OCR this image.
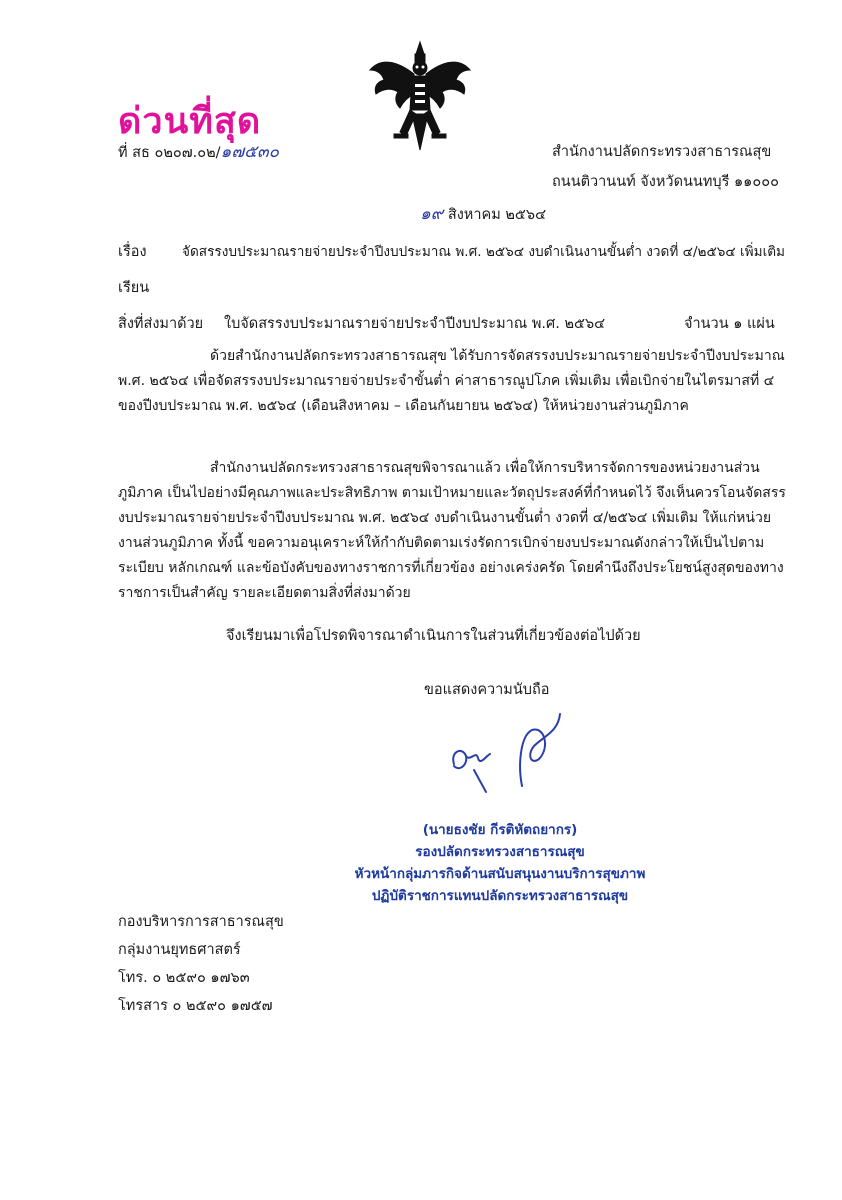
ด่วนที่สุด
ที่ สธ ๐๒๐๗.๐๒/๑๗๕๓๐	สำนักงานปลัดกระทรวงสาธารณสุข
ถนนติวานนท์ จังหวัดนนทบุรี ๑๑๐๐๐
๑๙ สิงหาคม ๒๕๖๔
เรื่อง	จัดสรรงบประมาณรายจ่ายประจำปีงบประมาณ พ.ศ. ๒๕๖๔ งบดำเนินงานขั้นต่ำ งวดที่ ๔/๒๕๖๔ เพิ่มเติม
เรียน
สิ่งที่ส่งมาด้วย ใบจัดสรรงบประมาณรายจ่ายประจำปีงบประมาณ พ.ศ. ๒๕๖๔	จำนวน ๑ แผ่น
ด้วยสำนักงานปลัดกระทรวงสาธารณสุข ได้รับการจัดสรรงบประมาณรายจ่ายประจำปีงบประมาณ พ.ศ. ๒๕๖๔ เพื่อจัดสรรงบประมาณรายจ่ายประจำขั้นต่ำ ค่าสาธารณูปโภค เพิ่มเติม เพื่อเบิกจ่ายในไตรมาสที่ ๔ ของปีงบประมาณ พ.ศ. ๒๕๖๔ (เดือนสิงหาคม – เดือนกันยายน ๒๕๖๔) ให้หน่วยงานส่วนภูมิภาค
สำนักงานปลัดกระทรวงสาธารณสุขพิจารณาแล้ว เพื่อให้การบริหารจัดการของหน่วยงานส่วนภูมิภาค เป็นไปอย่างมีคุณภาพและประสิทธิภาพ ตามเป้าหมายและวัตถุประสงค์ที่กำหนดไว้ จึงเห็นควรโอนจัดสรรงบประมาณรายจ่ายประจำปีงบประมาณ พ.ศ. ๒๕๖๔ งบดำเนินงานขั้นต่ำ งวดที่ ๔/๒๕๖๔ เพิ่มเติม ให้แก่หน่วยงานส่วนภูมิภาค ทั้งนี้ ขอความอนุเคราะห์ให้กำกับติดตามเร่งรัดการเบิกจ่ายงบประมาณดังกล่าวให้เป็นไปตามระเบียบ หลักเกณฑ์ และข้อบังคับของทางราชการที่เกี่ยวข้อง อย่างเคร่งครัด โดยคำนึงถึงประโยชน์สูงสุดของทางราชการเป็นสำคัญ รายละเอียดตามสิ่งที่ส่งมาด้วย
จึงเรียนมาเพื่อโปรดพิจารณาดำเนินการในส่วนที่เกี่ยวข้องต่อไปด้วย
ขอแสดงความนับถือ
(นายธงชัย กีรติหัตถยากร)
รองปลัดกระทรวงสาธารณสุข
หัวหน้ากลุ่มภารกิจด้านสนับสนุนงานบริการสุขภาพ
ปฏิบัติราชการแทนปลัดกระทรวงสาธารณสุข
กองบริหารการสาธารณสุข
กลุ่มงานยุทธศาสตร์
โทร. ๐ ๒๕๙๐ ๑๗๖๓
โทรสาร ๐ ๒๕๙๐ ๑๗๕๗
